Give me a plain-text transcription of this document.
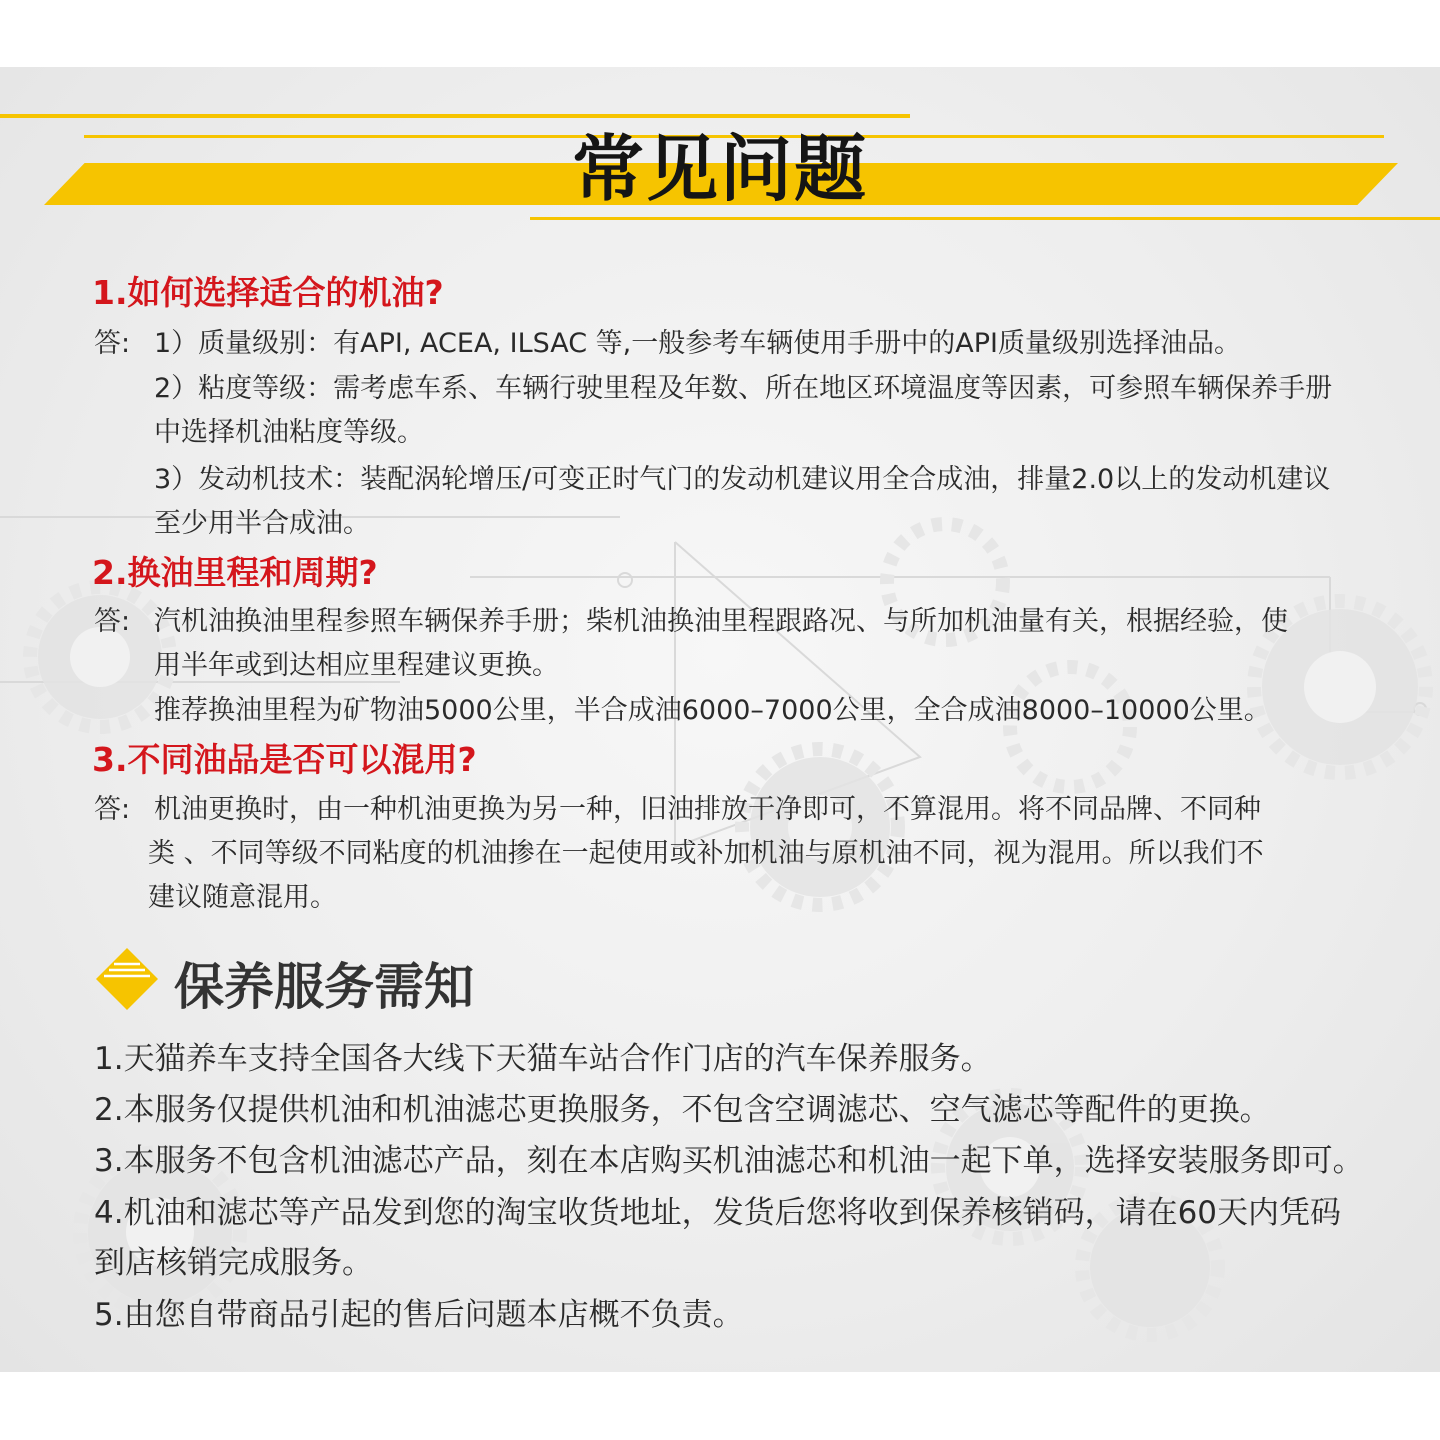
常见问题
1.如何选择适合的机油?
答: 1）质量级别：有API, ACEA, ILSAC 等,一般参考车辆使用手册中的API质量级别选择油品。
2）粘度等级：需考虑车系、车辆行驶里程及年数、所在地区环境温度等因素，可参照车辆保养手册
中选择机油粘度等级。
3）发动机技术：装配涡轮增压/可变正时气门的发动机建议用全合成油，排量2.0以上的发动机建议
至少用半合成油。
2.换油里程和周期?
答: 汽机油换油里程参照车辆保养手册；柴机油换油里程跟路况、与所加机油量有关，根据经验，使
用半年或到达相应里程建议更换。
推荐换油里程为矿物油5000公里，半合成油6000–7000公里，全合成油8000–10000公里。
3.不同油品是否可以混用?
答: 机油更换时，由一种机油更换为另一种，旧油排放干净即可，不算混用。将不同品牌、不同种
类 、不同等级不同粘度的机油掺在一起使用或补加机油与原机油不同，视为混用。所以我们不
建议随意混用。
保养服务需知
1.天猫养车支持全国各大线下天猫车站合作门店的汽车保养服务。
2.本服务仅提供机油和机油滤芯更换服务，不包含空调滤芯、空气滤芯等配件的更换。
3.本服务不包含机油滤芯产品，刻在本店购买机油滤芯和机油一起下单，选择安装服务即可。
4.机油和滤芯等产品发到您的淘宝收货地址，发货后您将收到保养核销码，请在60天内凭码
到店核销完成服务。
5.由您自带商品引起的售后问题本店概不负责。
